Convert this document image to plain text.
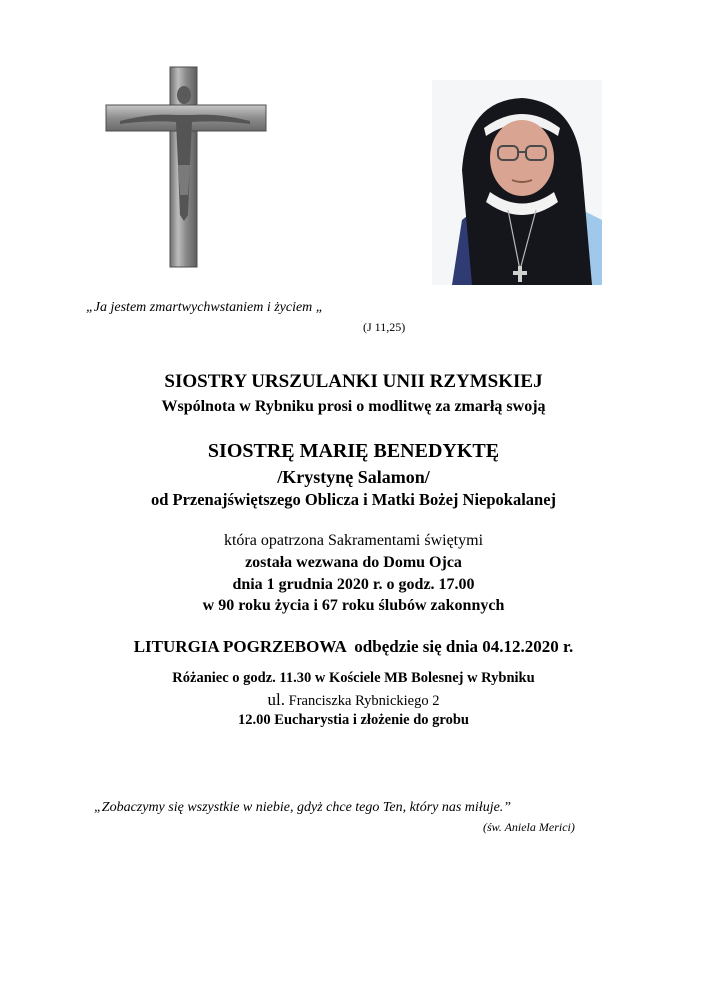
„Ja jestem zmartwychwstaniem i życiem „
(J 11,25)
SIOSTRY URSZULANKI UNII RZYMSKIEJ
Wspólnota w Rybniku prosi o modlitwę za zmarłą swoją
SIOSTRĘ MARIĘ BENEDYKTĘ
/Krystynę Salamon/
od Przenajświętszego Oblicza i Matki Bożej Niepokalanej
która opatrzona Sakramentami świętymi
została wezwana do Domu Ojca
dnia 1 grudnia 2020 r. o godz. 17.00
w 90 roku życia i 67 roku ślubów zakonnych
LITURGIA POGRZEBOWA  odbędzie się dnia 04.12.2020 r.
Różaniec o godz. 11.30 w Kościele MB Bolesnej w Rybniku
ul. Franciszka Rybnickiego 2
12.00 Eucharystia i złożenie do grobu
„Zobaczymy się wszystkie w niebie, gdyż chce tego Ten, który nas miłuje.”
(św. Aniela Merici)
